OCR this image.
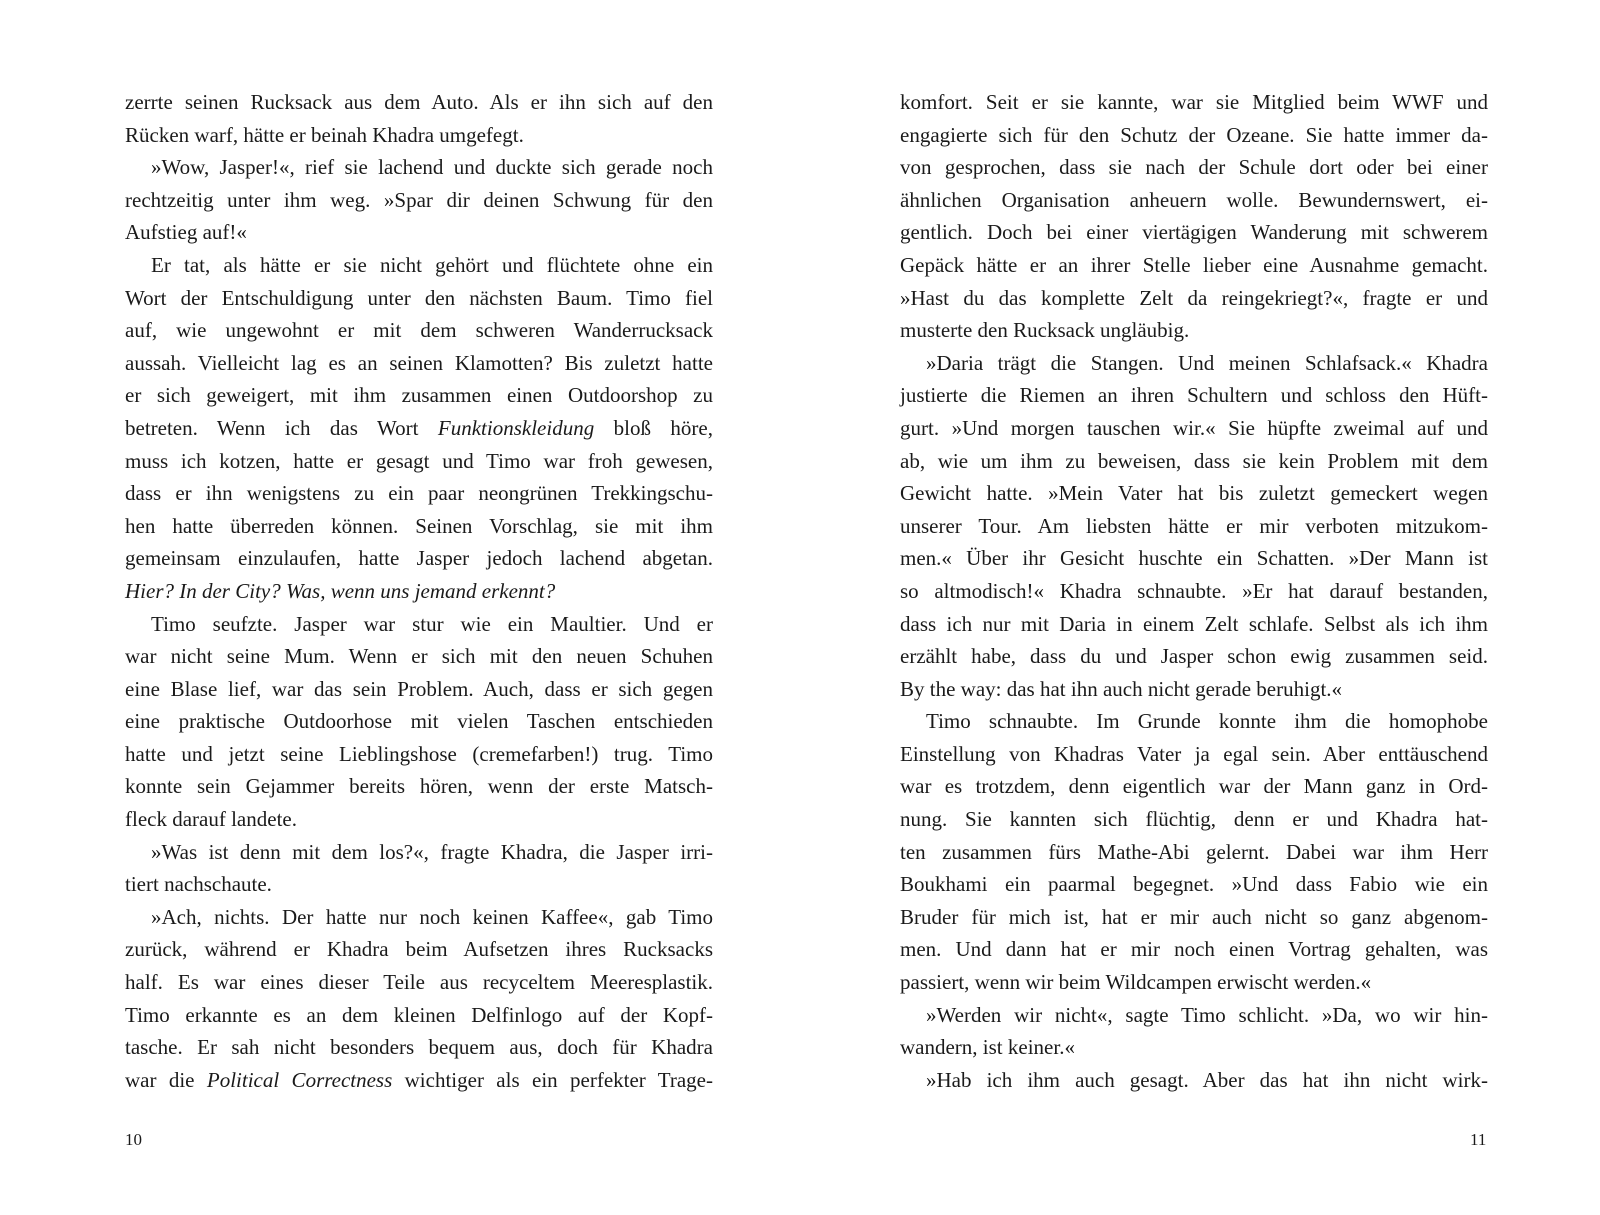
zerrte seinen Rucksack aus dem Auto. Als er ihn sich auf den
Rücken warf, hätte er beinah Khadra umgefegt.
»Wow, Jasper!«, rief sie lachend und duckte sich gerade noch
rechtzeitig unter ihm weg. »Spar dir deinen Schwung für den
Aufstieg auf!«
Er tat, als hätte er sie nicht gehört und flüchtete ohne ein
Wort der Entschuldigung unter den nächsten Baum. Timo fiel
auf, wie ungewohnt er mit dem schweren Wanderrucksack
aussah. Vielleicht lag es an seinen Klamotten? Bis zuletzt hatte
er sich geweigert, mit ihm zusammen einen Outdoorshop zu
betreten. Wenn ich das Wort Funktionskleidung bloß höre,
muss ich kotzen, hatte er gesagt und Timo war froh gewesen,
dass er ihn wenigstens zu ein paar neongrünen Trekkingschu-
hen hatte überreden können. Seinen Vorschlag, sie mit ihm
gemeinsam einzulaufen, hatte Jasper jedoch lachend abgetan.
Hier? In der City? Was, wenn uns jemand erkennt?
Timo seufzte. Jasper war stur wie ein Maultier. Und er
war nicht seine Mum. Wenn er sich mit den neuen Schuhen
eine Blase lief, war das sein Problem. Auch, dass er sich gegen
eine praktische Outdoorhose mit vielen Taschen entschieden
hatte und jetzt seine Lieblingshose (cremefarben!) trug. Timo
konnte sein Gejammer bereits hören, wenn der erste Matsch-
fleck darauf landete.
»Was ist denn mit dem los?«, fragte Khadra, die Jasper irri-
tiert nachschaute.
»Ach, nichts. Der hatte nur noch keinen Kaffee«, gab Timo
zurück, während er Khadra beim Aufsetzen ihres Rucksacks
half. Es war eines dieser Teile aus recyceltem Meeresplastik.
Timo erkannte es an dem kleinen Delfinlogo auf der Kopf-
tasche. Er sah nicht besonders bequem aus, doch für Khadra
war die Political Correctness wichtiger als ein perfekter Trage-
komfort. Seit er sie kannte, war sie Mitglied beim WWF und
engagierte sich für den Schutz der Ozeane. Sie hatte immer da-
von gesprochen, dass sie nach der Schule dort oder bei einer
ähnlichen Organisation anheuern wolle. Bewundernswert, ei-
gentlich. Doch bei einer viertägigen Wanderung mit schwerem
Gepäck hätte er an ihrer Stelle lieber eine Ausnahme gemacht.
»Hast du das komplette Zelt da reingekriegt?«, fragte er und
musterte den Rucksack ungläubig.
»Daria trägt die Stangen. Und meinen Schlafsack.« Khadra
justierte die Riemen an ihren Schultern und schloss den Hüft-
gurt. »Und morgen tauschen wir.« Sie hüpfte zweimal auf und
ab, wie um ihm zu beweisen, dass sie kein Problem mit dem
Gewicht hatte. »Mein Vater hat bis zuletzt gemeckert wegen
unserer Tour. Am liebsten hätte er mir verboten mitzukom-
men.« Über ihr Gesicht huschte ein Schatten. »Der Mann ist
so altmodisch!« Khadra schnaubte. »Er hat darauf bestanden,
dass ich nur mit Daria in einem Zelt schlafe. Selbst als ich ihm
erzählt habe, dass du und Jasper schon ewig zusammen seid.
By the way: das hat ihn auch nicht gerade beruhigt.«
Timo schnaubte. Im Grunde konnte ihm die homophobe
Einstellung von Khadras Vater ja egal sein. Aber enttäuschend
war es trotzdem, denn eigentlich war der Mann ganz in Ord-
nung. Sie kannten sich flüchtig, denn er und Khadra hat-
ten zusammen fürs Mathe-Abi gelernt. Dabei war ihm Herr
Boukhami ein paarmal begegnet. »Und dass Fabio wie ein
Bruder für mich ist, hat er mir auch nicht so ganz abgenom-
men. Und dann hat er mir noch einen Vortrag gehalten, was
passiert, wenn wir beim Wildcampen erwischt werden.«
»Werden wir nicht«, sagte Timo schlicht. »Da, wo wir hin-
wandern, ist keiner.«
»Hab ich ihm auch gesagt. Aber das hat ihn nicht wirk-
10	11
